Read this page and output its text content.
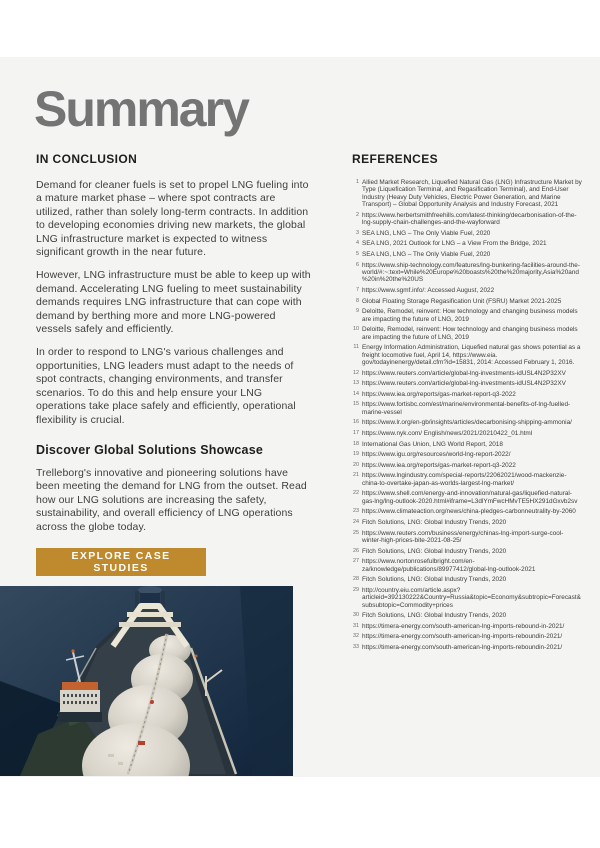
Summary
IN CONCLUSION

Demand for cleaner fuels is set to propel LNG fueling into a mature market phase – where spot contracts are utilized, rather than solely long-term contracts. In addition to developing economies driving new markets, the global LNG infrastructure market is expected to witness significant growth in the near future.

However, LNG infrastructure must be able to keep up with demand. Accelerating LNG fueling to meet sustainability demands requires LNG infrastructure that can cope with demand by berthing more and more LNG-powered vessels safely and efficiently.

In order to respond to LNG's various challenges and opportunities, LNG leaders must adapt to the needs of spot contracts, changing environments, and transfer scenarios. To do this and help ensure your LNG operations take place safely and efficiently, operational flexibility is crucial.

Discover Global Solutions Showcase

Trelleborg's innovative and pioneering solutions have been meeting the demand for LNG from the outset. Read how our LNG solutions are increasing the safety, sustainability, and overall efficiency of LNG operations across the globe today.

EXPLORE CASE STUDIES
REFERENCES
1 Allied Market Research, Liquefied Natural Gas (LNG) Infrastructure Market by Type (Liquefication Terminal, and Regasification Terminal), and End-User Industry (Heavy Duty Vehicles, Electric Power Generation, and Marine Transport) – Global Opportunity Analysis and Industry Forecast, 2021
2 https://www.herbertsmithfreehills.com/latest-thinking/decarbonisation-of-the-lng-supply-chain-challenges-and-the-wayforward
3 SEA LNG, LNG – The Only Viable Fuel, 2020
4 SEA LNG, 2021 Outlook for LNG – a View From the Bridge, 2021
5 SEA LNG, LNG – The Only Viable Fuel, 2020
6 https://www.ship-technology.com/features/lng-bunkering-facilities-around-the-world/#:~:text=While%20Europe%20boasts%20the%20majority,Asia%20and%20in%20the%20US
7 https://www.sgmf.info/: Accessed August, 2022
8 Global Floating Storage Regasification Unit (FSRU) Market 2021-2025
9 Deloitte, Remodel, reinvent: How technology and changing business models are impacting the future of LNG, 2019
10 Deloitte, Remodel, reinvent: How technology and changing business models are impacting the future of LNG, 2019
11 Energy Information Administration, Liquefied natural gas shows potential as a freight locomotive fuel, April 14, https://www.eia. gov/todayinenergy/detail.cfm?id=15831, 2014: Accessed February 1, 2016.
12 https://www.reuters.com/article/global-lng-investments-idUSL4N2P32XV
13 https://www.reuters.com/article/global-lng-investments-idUSL4N2P32XV
14 https://www.iea.org/reports/gas-market-report-q3-2022
15 https://www.fortisbc.com/est/marine/environmental-benefits-of-lng-fuelled-marine-vessel
16 https://www.lr.org/en-gb/insights/articles/decarbonising-shipping-ammonia/
17 https://www.nyk.com/ English/news/2021/20210422_01.html
18 International Gas Union, LNG World Report, 2018
19 https://www.igu.org/resources/world-lng-report-2022/
20 https://www.iea.org/reports/gas-market-report-q3-2022
21 https://www.lngindustry.com/special-reports/22062021/wood-mackenzie-china-to-overtake-japan-as-worlds-largest-lng-market/
22 https://www.shell.com/energy-and-innovation/natural-gas/liquefied-natural-gas-lng/lng-outlook-2020.html#iframe=L3dlYmFwcHMvTE5HX291dGxvb2sv
23 https://www.climateaction.org/news/china-pledges-carbonneutrality-by-2060
24 Fitch Solutions, LNG: Global Industry Trends, 2020
25 https://www.reuters.com/business/energy/chinas-lng-import-surge-cool-winter-high-prices-bite-2021-08-25/
26 Fitch Solutions, LNG: Global Industry Trends, 2020
27 https://www.nortonrosefulbright.com/en-za/knowledge/publications/89977412/global-lng-outlook-2021
28 Fitch Solutions, LNG: Global Industry Trends, 2020
29 http://country.eiu.com/article.aspx?articleid=392130222&Country=Russia&topic=Economy&subtropic=Forecast&subsubtopic=Commodity+prices
30 Fitch Solutions, LNG: Global Industry Trends, 2020
31 https://timera-energy.com/south-american-lng-imports-rebound-in-2021/
32 https://timera-energy.com/south-american-lng-imports-reboundin-2021/
33 https://timera-energy.com/south-american-lng-imports-reboundin-2021/
